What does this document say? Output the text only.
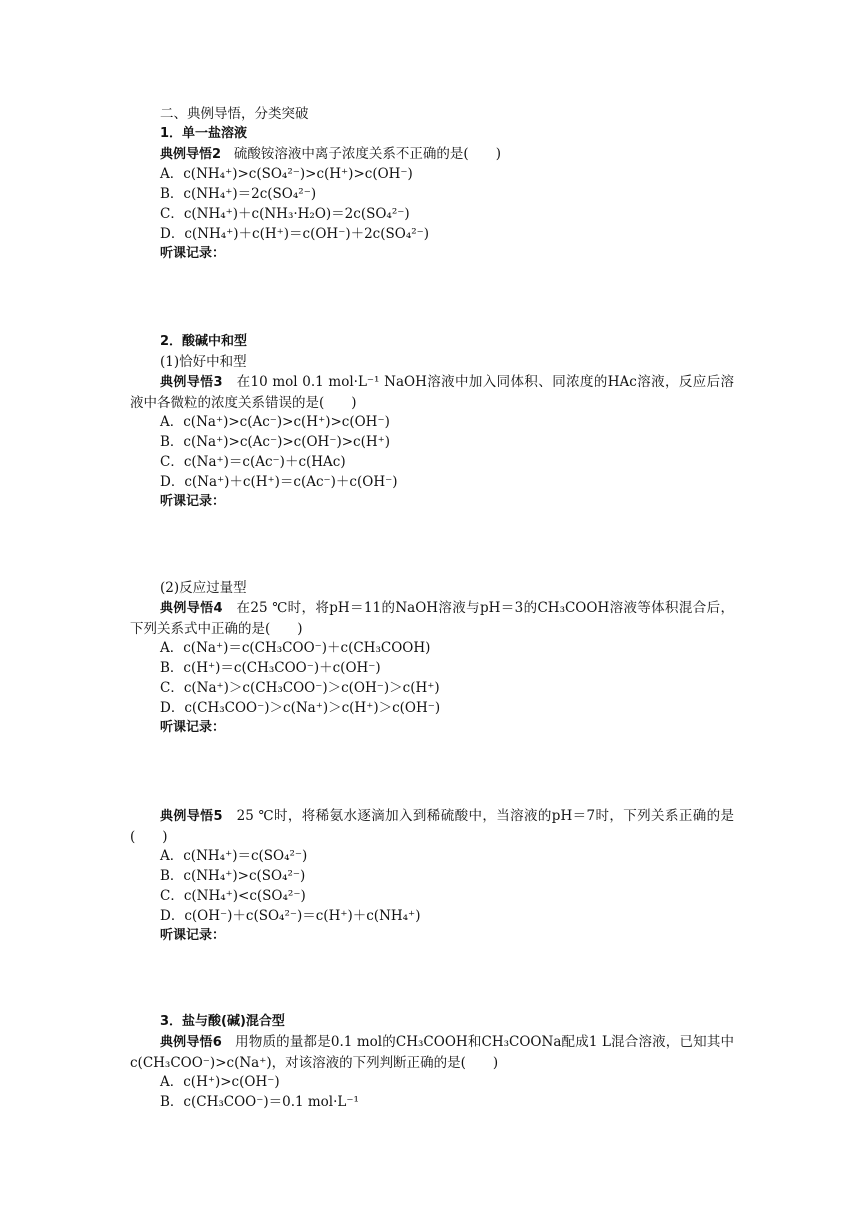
二、典例导悟，分类突破
1．单一盐溶液
典例导悟2 硫酸铵溶液中离子浓度关系不正确的是(　　)
A．c(NH₄⁺)>c(SO₄²⁻)>c(H⁺)>c(OH⁻)
B．c(NH₄⁺)＝2c(SO₄²⁻)
C．c(NH₄⁺)＋c(NH₃·H₂O)＝2c(SO₄²⁻)
D．c(NH₄⁺)＋c(H⁺)＝c(OH⁻)＋2c(SO₄²⁻)
听课记录：
2．酸碱中和型
(1)恰好中和型
典例导悟3 在10 mol 0.1 mol·L⁻¹ NaOH溶液中加入同体积、同浓度的HAc溶液，反应后溶液中各微粒的浓度关系错误的是(　　)
A．c(Na⁺)>c(Ac⁻)>c(H⁺)>c(OH⁻)
B．c(Na⁺)>c(Ac⁻)>c(OH⁻)>c(H⁺)
C．c(Na⁺)＝c(Ac⁻)＋c(HAc)
D．c(Na⁺)＋c(H⁺)＝c(Ac⁻)＋c(OH⁻)
听课记录：
(2)反应过量型
典例导悟4 在25 ℃时，将pH＝11的NaOH溶液与pH＝3的CH₃COOH溶液等体积混合后，下列关系式中正确的是(　　)
A．c(Na⁺)＝c(CH₃COO⁻)＋c(CH₃COOH)
B．c(H⁺)＝c(CH₃COO⁻)＋c(OH⁻)
C．c(Na⁺)＞c(CH₃COO⁻)＞c(OH⁻)＞c(H⁺)
D．c(CH₃COO⁻)＞c(Na⁺)＞c(H⁺)＞c(OH⁻)
听课记录：
典例导悟5 25 ℃时，将稀氨水逐滴加入到稀硫酸中，当溶液的pH＝7时，下列关系正确的是(　　)
A．c(NH₄⁺)＝c(SO₄²⁻)
B．c(NH₄⁺)>c(SO₄²⁻)
C．c(NH₄⁺)<c(SO₄²⁻)
D．c(OH⁻)＋c(SO₄²⁻)＝c(H⁺)＋c(NH₄⁺)
听课记录：
3．盐与酸(碱)混合型
典例导悟6 用物质的量都是0.1 mol的CH₃COOH和CH₃COONa配成1 L混合溶液，已知其中c(CH₃COO⁻)>c(Na⁺)，对该溶液的下列判断正确的是(　　)
A．c(H⁺)>c(OH⁻)
B．c(CH₃COO⁻)＝0.1 mol·L⁻¹
